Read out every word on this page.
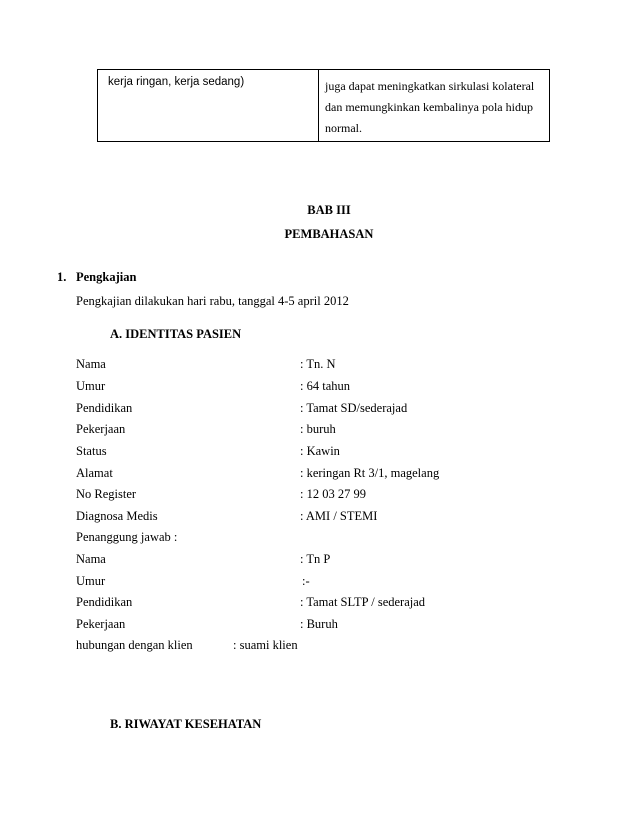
kerja ringan, kerja sedang)	juga dapat meningkatkan sirkulasi kolateral
dan memungkinkan kembalinya pola hidup
normal.
BAB III
PEMBAHASAN
1. Pengkajian
Pengkajian dilakukan hari rabu, tanggal 4-5 april 2012
A. IDENTITAS PASIEN
Nama	: Tn. N
Umur	: 64 tahun
Pendidikan	: Tamat SD/sederajad
Pekerjaan	: buruh
Status	: Kawin
Alamat	: keringan Rt 3/1, magelang
No Register	: 12 03 27 99
Diagnosa Medis	: AMI / STEMI
Penanggung jawab :
Nama	: Tn P
Umur	:-
Pendidikan	: Tamat SLTP / sederajad
Pekerjaan	: Buruh
hubungan dengan klien	: suami klien
B. RIWAYAT KESEHATAN
